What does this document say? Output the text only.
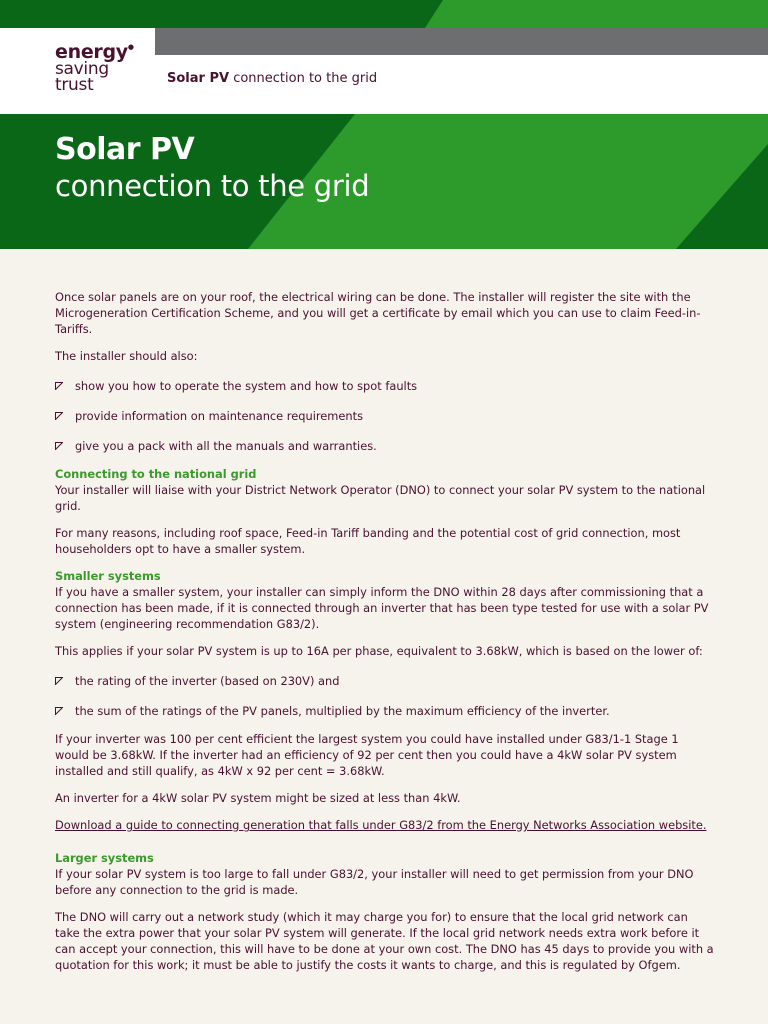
energy●
saving
trust	Solar PV connection to the grid
Solar PV
connection to the grid

Once solar panels are on your roof, the electrical wiring can be done. The installer will register the site with the Microgeneration Certification Scheme, and you will get a certificate by email which you can use to claim Feed-in-Tariffs.

The installer should also:

show you how to operate the system and how to spot faults
provide information on maintenance requirements
give you a pack with all the manuals and warranties.
Connecting to the national grid

Your installer will liaise with your District Network Operator (DNO) to connect your solar PV system to the national grid.

For many reasons, including roof space, Feed-in Tariff banding and the potential cost of grid connection, most householders opt to have a smaller system.

Smaller systems

If you have a smaller system, your installer can simply inform the DNO within 28 days after commissioning that a connection has been made, if it is connected through an inverter that has been type tested for use with a solar PV system (engineering recommendation G83/2).

This applies if your solar PV system is up to 16A per phase, equivalent to 3.68kW, which is based on the lower of:

the rating of the inverter (based on 230V) and
the sum of the ratings of the PV panels, multiplied by the maximum efficiency of the inverter.

If your inverter was 100 per cent efficient the largest system you could have installed under G83/1-1 Stage 1 would be 3.68kW. If the inverter had an efficiency of 92 per cent then you could have a 4kW solar PV system installed and still qualify, as 4kW x 92 per cent = 3.68kW.

An inverter for a 4kW solar PV system might be sized at less than 4kW.

Download a guide to connecting generation that falls under G83/2 from the Energy Networks Association website.

Larger systems

If your solar PV system is too large to fall under G83/2, your installer will need to get permission from your DNO before any connection to the grid is made.

The DNO will carry out a network study (which it may charge you for) to ensure that the local grid network can take the extra power that your solar PV system will generate. If the local grid network needs extra work before it can accept your connection, this will have to be done at your own cost. The DNO has 45 days to provide you with a quotation for this work; it must be able to justify the costs it wants to charge, and this is regulated by Ofgem.
